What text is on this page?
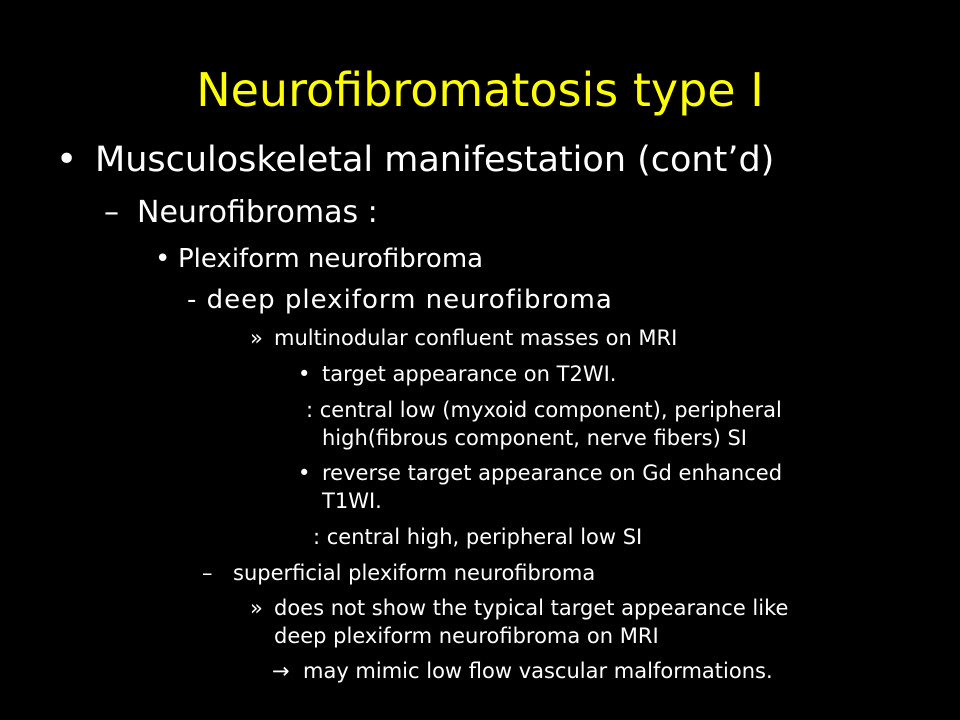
Neurofibromatosis type I
• Musculoskeletal manifestation (cont’d)
– Neurofibromas :
• Plexiform neurofibroma
- deep plexiform neurofibroma
» multinodular confluent masses on MRI
• target appearance on T2WI.
: central low (myxoid component), peripheral
high(fibrous component, nerve fibers) SI
• reverse target appearance on Gd enhanced
T1WI.
: central high, peripheral low SI
– superficial plexiform neurofibroma
» does not show the typical target appearance like
deep plexiform neurofibroma on MRI
→ may mimic low flow vascular malformations.
